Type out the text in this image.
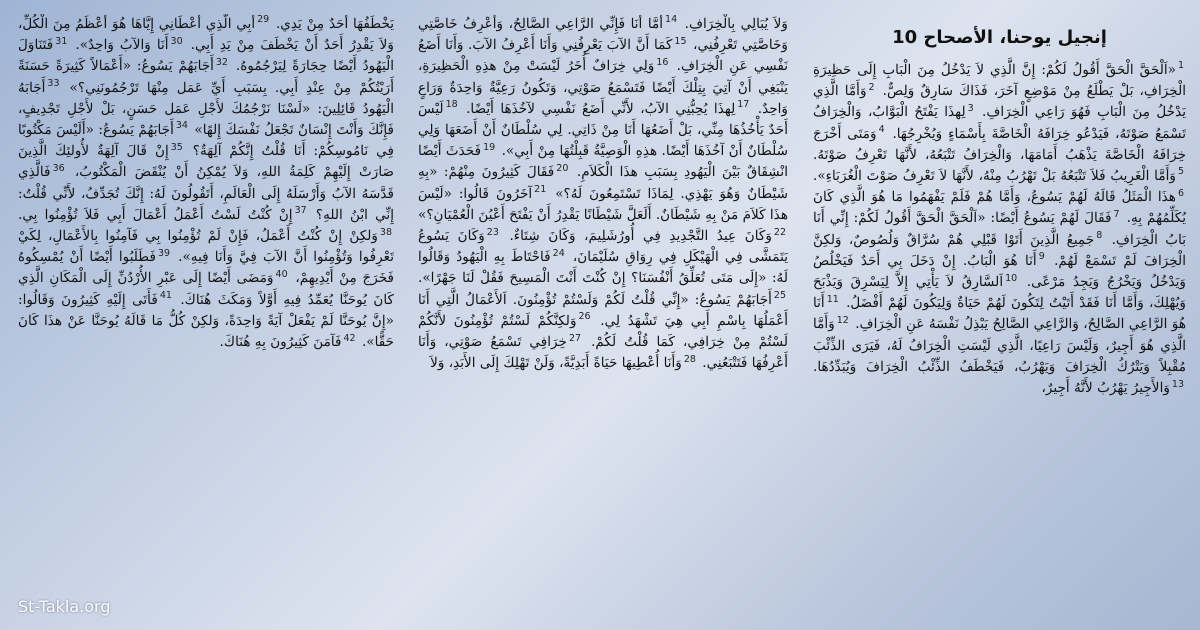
إنجيل يوحنا، الأصحاح 10
$^1$«اَلْحَقَّ الْحَقَّ أَقُولُ لَكُمْ: إِنَّ الَّذِي لاَ يَدْخُلُ مِنَ الْبَابِ إِلَى حَظِيرَةِ الْخِرَافِ، بَلْ يَطْلَعُ مِنْ مَوْضِعٍ آخَرَ، فَذَاكَ سَارِقٌ وَلِصٌّ. $^2$وَأَمَّا الَّذِي يَدْخُلُ مِنَ الْبَابِ فَهُوَ رَاعِي الْخِرَافِ. $^3$لِهذَا يَفْتَحُ الْبَوَّابُ، وَالْخِرَافُ تَسْمَعُ صَوْتَهُ، فَيَدْعُو خِرَافَهُ الْخَاصَّةَ بِأَسْمَاءٍ وَيُخْرِجُهَا. $^4$وَمَتَى أَخْرَجَ خِرَافَهُ الْخَاصَّةَ يَذْهَبُ أَمَامَهَا، وَالْخِرَافُ تَتْبَعُهُ، لأَنَّهَا تَعْرِفُ صَوْتَهُ. $^5$وَأَمَّا الْغَرِيبُ فَلاَ تَتْبَعُهُ بَلْ تَهْرُبُ مِنْهُ، لأَنَّهَا لاَ تَعْرِفُ صَوْتَ الْغُرَبَاءِ». $^6$هذَا الْمَثَلُ قَالَهُ لَهُمْ يَسُوعُ، وَأَمَّا هُمْ فَلَمْ يَفْهَمُوا مَا هُوَ الَّذِي كَانَ يُكَلِّمُهُمْ بِهِ. $^7$فَقَالَ لَهُمْ يَسُوعُ أَيْضًا: «اَلْحَقَّ الْحَقَّ أَقُولُ لَكُمْ: إِنِّي أَنَا بَابُ الْخِرَافِ. $^8$جَمِيعُ الَّذِينَ أَتَوْا قَبْلِي هُمْ سُرَّاقٌ وَلُصُوصٌ، وَلكِنَّ الْخِرَافَ لَمْ تَسْمَعْ لَهُمْ. $^9$أَنَا هُوَ الْبَابُ. إِنْ دَخَلَ بِي أَحَدٌ فَيَخْلُصُ وَيَدْخُلُ وَيَخْرُجُ وَيَجِدُ مَرْعًى. $^{10}$اَلسَّارِقُ لاَ يَأْتِي إِلاَّ لِيَسْرِقَ وَيَذْبَحَ وَيُهْلِكَ، وَأَمَّا أَنَا فَقَدْ أَتَيْتُ لِتَكُونَ لَهُمْ حَيَاةٌ وَلِيَكُونَ لَهُمْ أَفْضَلُ. $^{11}$أَنَا هُوَ الرَّاعِي الصَّالِحُ، وَالرَّاعِي الصَّالِحُ يَبْذِلُ نَفْسَهُ عَنِ الْخِرَافِ. $^{12}$وَأَمَّا الَّذِي هُوَ أَجِيرٌ، وَلَيْسَ رَاعِيًا، الَّذِي لَيْسَتِ الْخِرَافُ لَهُ، فَيَرَى الذِّئْبَ مُقْبِلاً وَيَتْرُكُ الْخِرَافَ وَيَهْرُبُ، فَيَخْطَفُ الذِّئْبُ الْخِرَافَ وَيُبَدِّدُهَا. $^{13}$وَالأَجِيرُ يَهْرُبُ لأَنَّهُ أَجِيرٌ،
وَلاَ يُبَالِي بِالْخِرَافِ. $^{14}$أَمَّا أَنَا فَإِنِّي الرَّاعِي الصَّالِحُ، وَأَعْرِفُ خَاصَّتِي وَخَاصَّتِي تَعْرِفُنِي، $^{15}$كَمَا أَنَّ الآبَ يَعْرِفُنِي وَأَنَا أَعْرِفُ الآبَ. وَأَنَا أَضَعُ نَفْسِي عَنِ الْخِرَافِ. $^{16}$وَلِي خِرَافٌ أُخَرُ لَيْسَتْ مِنْ هذِهِ الْحَظِيرَةِ، يَنْبَغِي أَنْ آتِيَ بِتِلْكَ أَيْضًا فَتَسْمَعُ صَوْتِي، وَتَكُونُ رَعِيَّةٌ وَاحِدَةٌ وَرَاعٍ وَاحِدٌ. $^{17}$لِهذَا يُحِبُّنِي الآبُ، لأَنِّي أَضَعُ نَفْسِي لآخُذَهَا أَيْضًا. $^{18}$لَيْسَ أَحَدٌ يَأْخُذُهَا مِنِّي، بَلْ أَضَعُهَا أَنَا مِنْ ذَاتِي. لِي سُلْطَانٌ أَنْ أَضَعَهَا وَلِي سُلْطَانٌ أَنْ آخُذَهَا أَيْضًا. هذِهِ الْوَصِيَّةُ قَبِلْتُهَا مِنْ أَبِي». $^{19}$فَحَدَثَ أَيْضًا انْشِقَاقٌ بَيْنَ الْيَهُودِ بِسَبَبِ هذَا الْكَلاَمِ. $^{20}$فَقَالَ كَثِيرُونَ مِنْهُمْ: «بِهِ شَيْطَانٌ وَهُوَ يَهْذِي. لِمَاذَا تَسْتَمِعُونَ لَهُ؟» $^{21}$آخَرُونَ قَالُوا: «لَيْسَ هذَا كَلاَمَ مَنْ بِهِ شَيْطَانٌ. أَلَعَلَّ شَيْطَانًا يَقْدِرُ أَنْ يَفْتَحَ أَعْيُنَ الْعُمْيَانِ؟» $^{22}$وَكَانَ عِيدُ التَّجْدِيدِ فِي أُورُشَلِيمَ، وَكَانَ شِتَاءٌ. $^{23}$وَكَانَ يَسُوعُ يَتَمَشَّى فِي الْهَيْكَلِ فِي رِوَاقِ سُلَيْمَانَ، $^{24}$فَاحْتَاطَ بِهِ الْيَهُودُ وَقَالُوا لَهُ: «إِلَى مَتَى تُعَلِّقُ أَنْفُسَنَا؟ إِنْ كُنْتَ أَنْتَ الْمَسِيحَ فَقُلْ لَنَا جَهْرًا». $^{25}$أَجَابَهُمْ يَسُوعُ: «إِنِّي قُلْتُ لَكُمْ وَلَسْتُمْ تُؤْمِنُونَ. اَلأَعْمَالُ الَّتِي أَنَا أَعْمَلُهَا بِاسْمِ أَبِي هِيَ تَشْهَدُ لِي. $^{26}$وَلكِنَّكُمْ لَسْتُمْ تُؤْمِنُونَ لأَنَّكُمْ لَسْتُمْ مِنْ خِرَافِي، كَمَا قُلْتُ لَكُمْ. $^{27}$خِرَافِي تَسْمَعُ صَوْتِي، وَأَنَا أَعْرِفُهَا فَتَتْبَعُنِي. $^{28}$وَأَنَا أُعْطِيهَا حَيَاةً أَبَدِيَّةً، وَلَنْ تَهْلِكَ إِلَى الأَبَدِ، وَلاَ
يَخْطَفُهَا أَحَدٌ مِنْ يَدِي. $^{29}$أَبِي الَّذِي أَعْطَانِي إِيَّاهَا هُوَ أَعْظَمُ مِنَ الْكُلِّ، وَلاَ يَقْدِرُ أَحَدٌ أَنْ يَخْطَفَ مِنْ يَدِ أَبِي. $^{30}$أَنَا وَالآبُ وَاحِدٌ». $^{31}$فَتَنَاوَلَ الْيَهُودُ أَيْضًا حِجَارَةً لِيَرْجُمُوهُ. $^{32}$أَجَابَهُمْ يَسُوعُ: «أَعْمَالاً كَثِيرَةً حَسَنَةً أَرَيْتُكُمْ مِنْ عِنْدِ أَبِي. بِسَبَبِ أَيِّ عَمَل مِنْهَا تَرْجُمُونَنِي؟» $^{33}$أَجَابَهُ الْيَهُودُ قَائِلِينَ: «لَسْنَا نَرْجُمُكَ لأَجْلِ عَمَل حَسَنٍ، بَلْ لأَجْلِ تَجْدِيفٍ، فَإِنَّكَ وَأَنْتَ إِنْسَانٌ تَجْعَلُ نَفْسَكَ إِلهًا» $^{34}$أَجَابَهُمْ يَسُوعُ: «أَلَيْسَ مَكْتُوبًا فِي نَامُوسِكُمْ: أَنَا قُلْتُ إِنَّكُمْ آلِهَةٌ؟ $^{35}$إِنْ قَالَ آلِهَةٌ لأُولئِكَ الَّذِينَ صَارَتْ إِلَيْهِمْ كَلِمَةُ اللهِ، وَلاَ يُمْكِنُ أَنْ يُنْقَضَ الْمَكْتُوبُ، $^{36}$فَالَّذِي قَدَّسَهُ الآبُ وَأَرْسَلَهُ إِلَى الْعَالَمِ، أَتَقُولُونَ لَهُ: إِنَّكَ تُجَدِّفُ، لأَنِّي قُلْتُ: إِنِّي ابْنُ اللهِ؟ $^{37}$إِنْ كُنْتُ لَسْتُ أَعْمَلُ أَعْمَالَ أَبِي فَلاَ تُؤْمِنُوا بِي. $^{38}$وَلكِنْ إِنْ كُنْتُ أَعْمَلُ، فَإِنْ لَمْ تُؤْمِنُوا بِي فَآمِنُوا بِالأَعْمَالِ، لِكَيْ تَعْرِفُوا وَتُؤْمِنُوا أَنَّ الآبَ فِيَّ وَأَنَا فِيهِ». $^{39}$فَطَلَبُوا أَيْضًا أَنْ يُمْسِكُوهُ فَخَرَجَ مِنْ أَيْدِيهِمْ، $^{40}$وَمَضَى أَيْضًا إِلَى عَبْرِ الأُرْدُنِّ إِلَى الْمَكَانِ الَّذِي كَانَ يُوحَنَّا يُعَمِّدُ فِيهِ أَوَّلاً وَمَكَثَ هُنَاكَ. $^{41}$فَأَتَى إِلَيْهِ كَثِيرُونَ وَقَالُوا: «إِنَّ يُوحَنَّا لَمْ يَفْعَلْ آيَةً وَاحِدَةً، وَلكِنْ كُلُّ مَا قَالَهُ يُوحَنَّا عَنْ هذَا كَانَ حَقًّا». $^{42}$فَآمَنَ كَثِيرُونَ بِهِ هُنَاكَ.
St-Takla.org
